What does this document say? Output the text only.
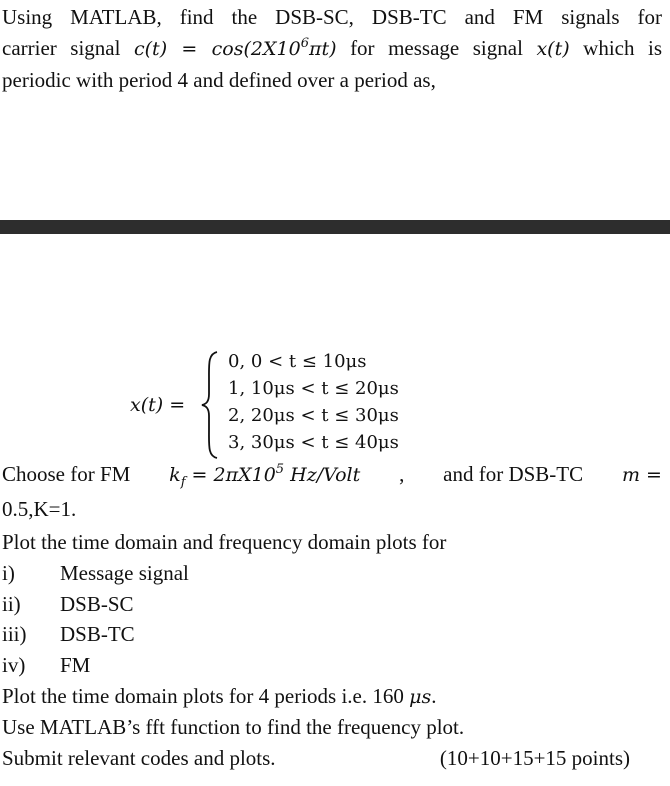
Using MATLAB, find the DSB-SC, DSB-TC and FM signals for
carrier signal $c(t) = \cos(2X10^6\pi t)$ for message signal x(t) which is
periodic with period 4 and defined over a period as,
x(t) =
0, 0 < t ≤ 10μs
1, 10μs < t ≤ 20μs
2, 20μs < t ≤ 30μs
3, 30μs < t ≤ 40μs
Choose for FM $k_f = 2\pi X10^5$ Hz/Volt , and for DSB-TC m =
0.5,K=1.
Plot the time domain and frequency domain plots for
i) Message signal
ii) DSB-SC
iii) DSB-TC
iv) FM
Plot the time domain plots for 4 periods i.e. 160 μs.
Use MATLAB’s fft function to find the frequency plot.
Submit relevant codes and plots.	(10+10+15+15 points)
